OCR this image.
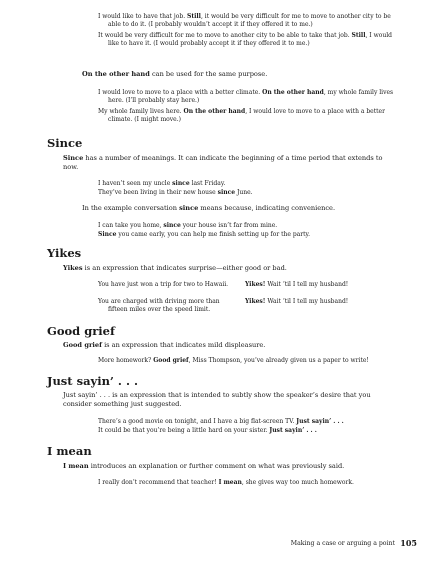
I would like to have that job. Still, it would be very difficult for me to move to another city to be able to do it. (I probably wouldn’t accept it if they offered it to me.)

It would be very difficult for me to move to another city to be able to take that job. Still, I would like to have it. (I would probably accept it if they offered it to me.)

On the other hand can be used for the same purpose.

I would love to move to a place with a better climate. On the other hand, my whole family lives here. (I’ll probably stay here.)

My whole family lives here. On the other hand, I would love to move to a place with a better climate. (I might move.)

Since

Since has a number of meanings. It can indicate the beginning of a time period that extends to now.

I haven’t seen my uncle since last Friday.

They’ve been living in their new house since June.

In the example conversation since means because, indicating convenience.

I can take you home, since your house isn’t far from mine.

Since you came early, you can help me finish setting up for the party.

Yikes

Yikes is an expression that indicates surprise—either good or bad.

You have just won a trip for two to Hawaii.	Yikes! Wait ’til I tell my husband!

You are charged with driving more than fifteen miles over the speed limit.

Yikes! Wait ’til I tell my husband!

Good grief

Good grief is an expression that indicates mild displeasure.

More homework? Good grief, Miss Thompson, you’ve already given us a paper to write!

Just sayin’ . . .

Just sayin’ . . . is an expression that is intended to subtly show the speaker’s desire that you consider something just suggested.

There’s a good movie on tonight, and I have a big flat-screen TV. Just sayin’ . . .

It could be that you’re being a little hard on your sister. Just sayin’ . . .

I mean

I mean introduces an explanation or further comment on what was previously said.

I really don’t recommend that teacher! I mean, she gives way too much homework.

Making a case or arguing a point 105
